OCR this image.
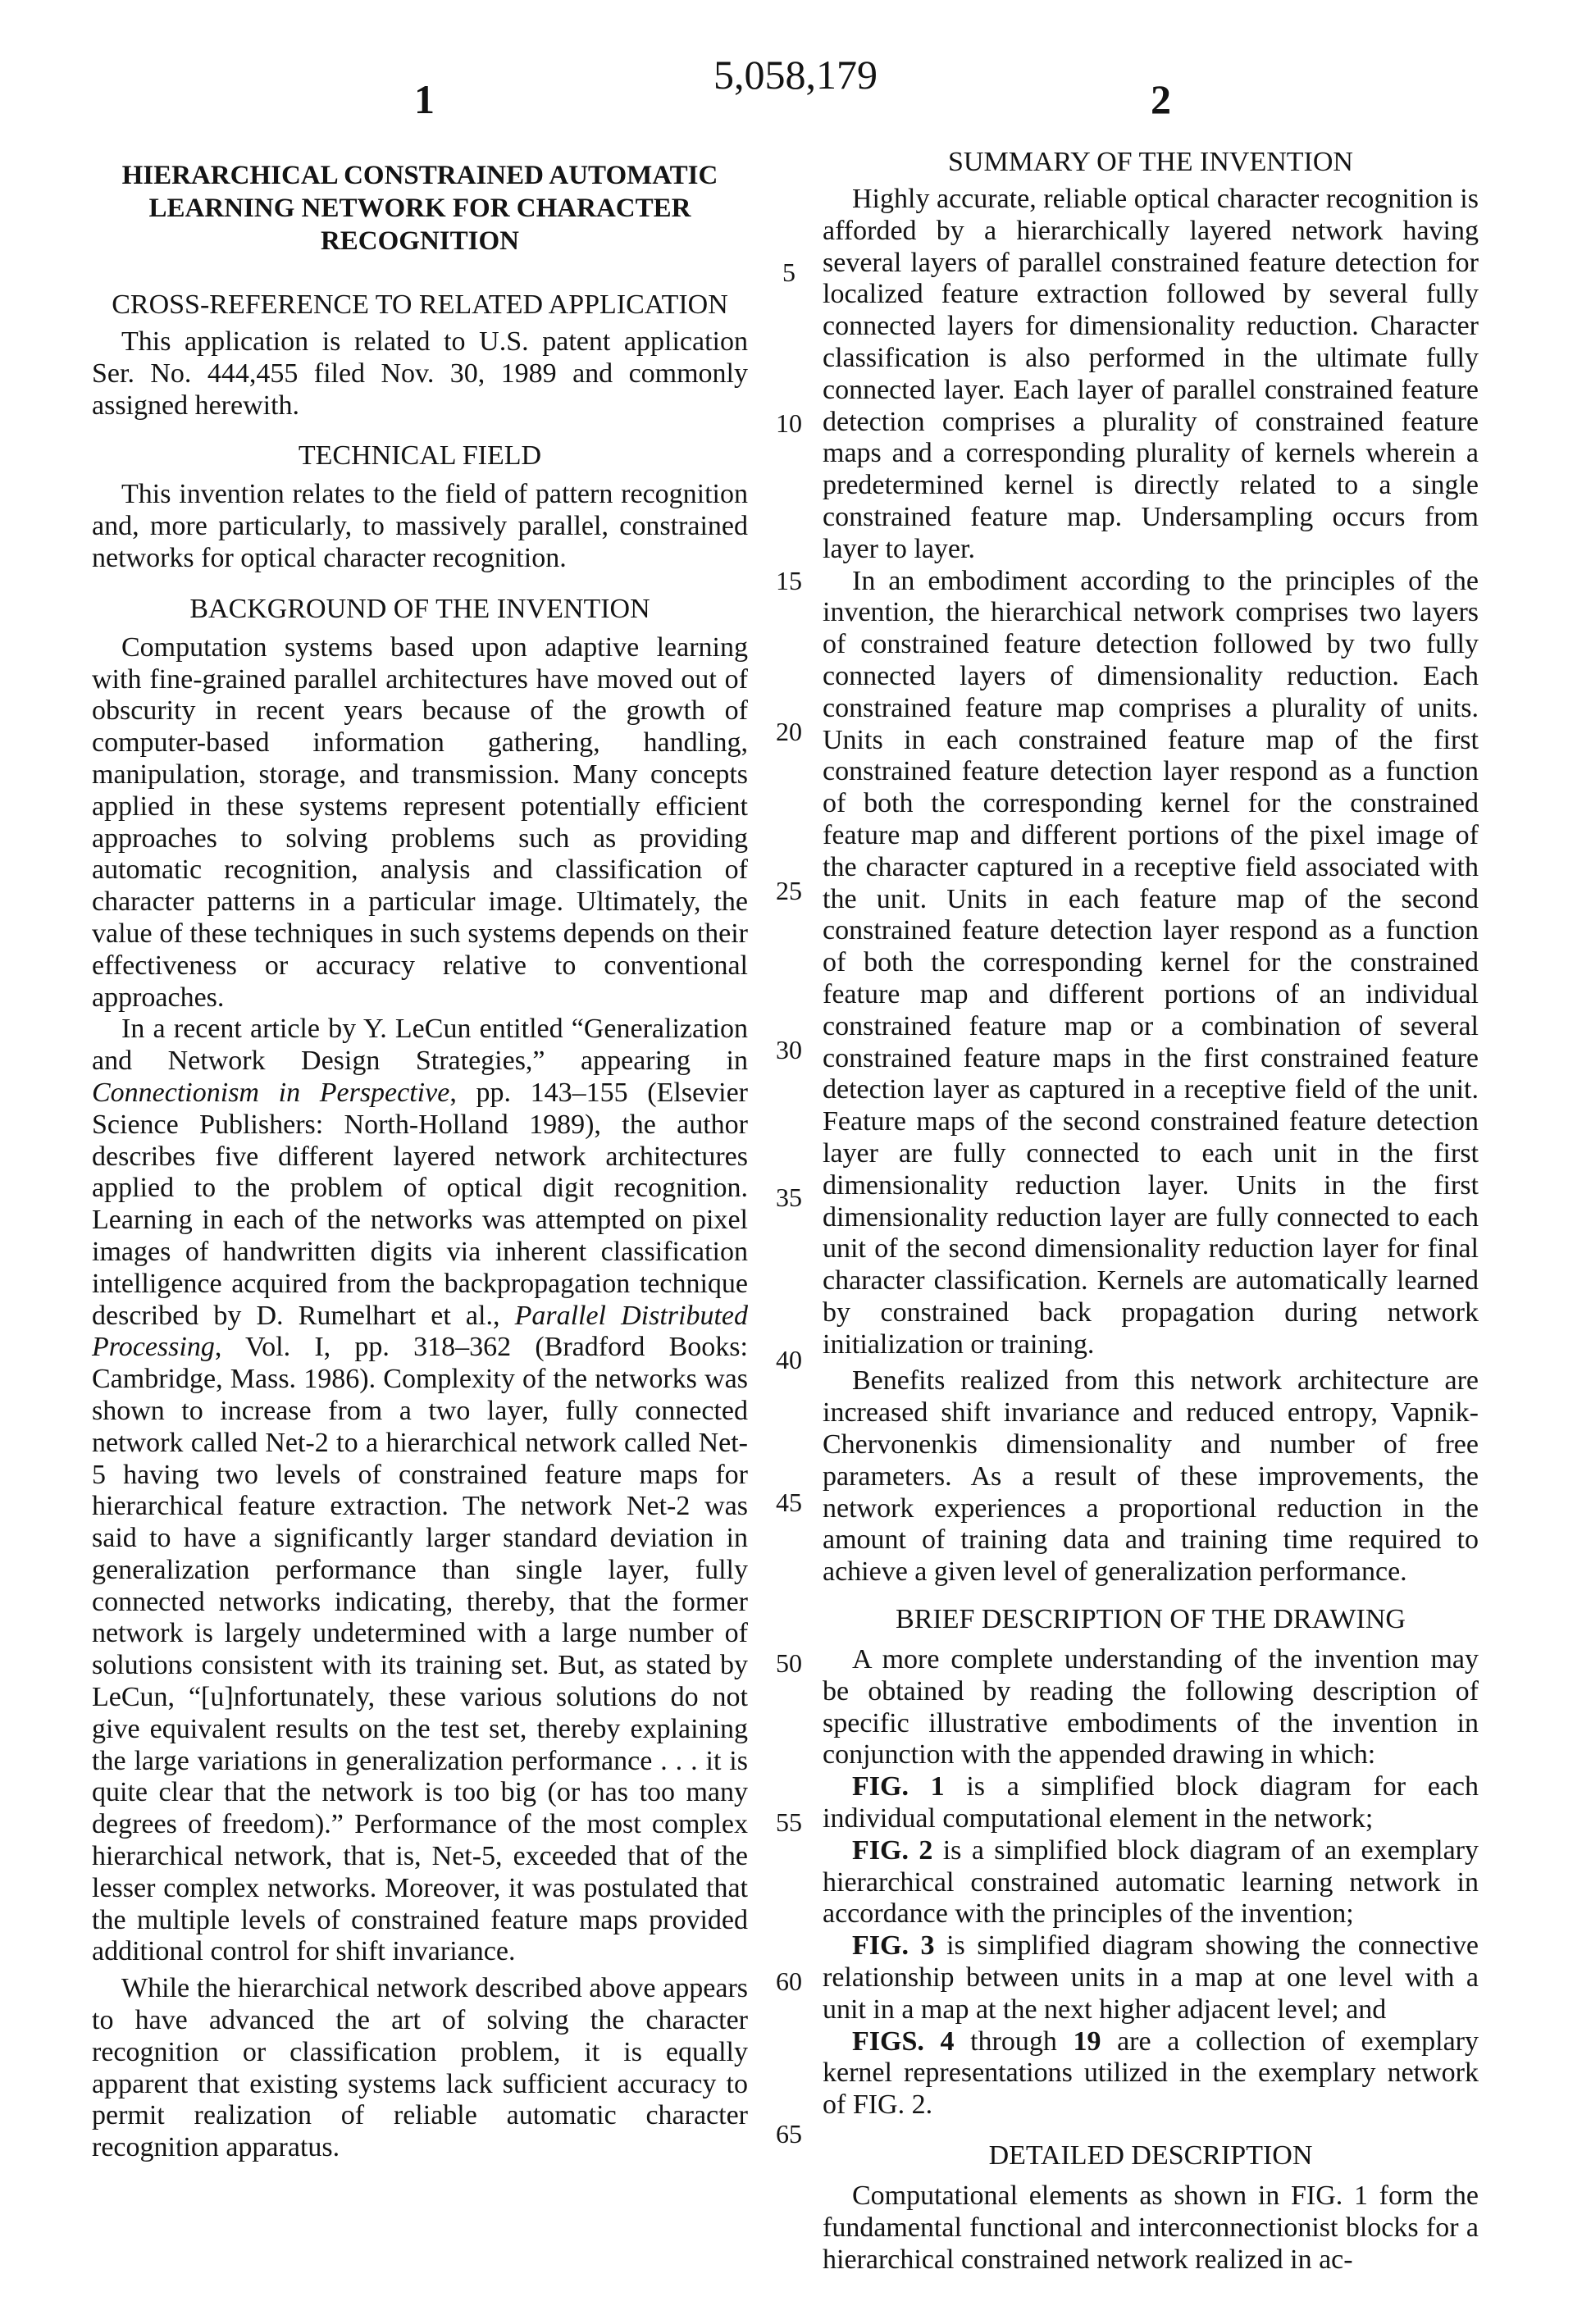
1
5,058,179
2
HIERARCHICAL CONSTRAINED AUTOMATIC LEARNING NETWORK FOR CHARACTER RECOGNITION
CROSS-REFERENCE TO RELATED APPLICATION

This application is related to U.S. patent application Ser. No. 444,455 filed Nov. 30, 1989 and commonly assigned herewith.

TECHNICAL FIELD

This invention relates to the field of pattern recognition and, more particularly, to massively parallel, constrained networks for optical character recognition.

BACKGROUND OF THE INVENTION

Computation systems based upon adaptive learning with fine-grained parallel architectures have moved out of obscurity in recent years because of the growth of computer-based information gathering, handling, manipulation, storage, and transmission. Many concepts applied in these systems represent potentially efficient approaches to solving problems such as providing automatic recognition, analysis and classification of character patterns in a particular image. Ultimately, the value of these techniques in such systems depends on their effectiveness or accuracy relative to conventional approaches.

In a recent article by Y. LeCun entitled “Generalization and Network Design Strategies,” appearing in Connectionism in Perspective, pp. 143–155 (Elsevier Science Publishers: North-Holland 1989), the author describes five different layered network architectures applied to the problem of optical digit recognition. Learning in each of the networks was attempted on pixel images of handwritten digits via inherent classification intelligence acquired from the backpropagation technique described by D. Rumelhart et al., Parallel Distributed Processing, Vol. I, pp. 318–362 (Bradford Books: Cambridge, Mass. 1986). Complexity of the networks was shown to increase from a two layer, fully connected network called Net-2 to a hierarchical network called Net-5 having two levels of constrained feature maps for hierarchical feature extraction. The network Net-2 was said to have a significantly larger standard deviation in generalization performance than single layer, fully connected networks indicating, thereby, that the former network is largely undetermined with a large number of solutions consistent with its training set. But, as stated by LeCun, “[u]nfortunately, these various solutions do not give equivalent results on the test set, thereby explaining the large variations in generalization performance . . . it is quite clear that the network is too big (or has too many degrees of freedom).” Performance of the most complex hierarchical network, that is, Net-5, exceeded that of the lesser complex networks. Moreover, it was postulated that the multiple levels of constrained feature maps provided additional control for shift invariance.

While the hierarchical network described above appears to have advanced the art of solving the character recognition or classification problem, it is equally apparent that existing systems lack sufficient accuracy to permit realization of reliable automatic character recognition apparatus.

5
10
15
20
25
30
35
40
45
50
55
60
65
SUMMARY OF THE INVENTION

Highly accurate, reliable optical character recognition is afforded by a hierarchically layered network having several layers of parallel constrained feature detection for localized feature extraction followed by several fully connected layers for dimensionality reduction. Character classification is also performed in the ultimate fully connected layer. Each layer of parallel constrained feature detection comprises a plurality of constrained feature maps and a corresponding plurality of kernels wherein a predetermined kernel is directly related to a single constrained feature map. Undersampling occurs from layer to layer.

In an embodiment according to the principles of the invention, the hierarchical network comprises two layers of constrained feature detection followed by two fully connected layers of dimensionality reduction. Each constrained feature map comprises a plurality of units. Units in each constrained feature map of the first constrained feature detection layer respond as a function of both the corresponding kernel for the constrained feature map and different portions of the pixel image of the character captured in a receptive field associated with the unit. Units in each feature map of the second constrained feature detection layer respond as a function of both the corresponding kernel for the constrained feature map and different portions of an individual constrained feature map or a combination of several constrained feature maps in the first constrained feature detection layer as captured in a receptive field of the unit. Feature maps of the second constrained feature detection layer are fully connected to each unit in the first dimensionality reduction layer. Units in the first dimensionality reduction layer are fully connected to each unit of the second dimensionality reduction layer for final character classification. Kernels are automatically learned by constrained back propagation during network initialization or training.

Benefits realized from this network architecture are increased shift invariance and reduced entropy, Vapnik-Chervonenkis dimensionality and number of free parameters. As a result of these improvements, the network experiences a proportional reduction in the amount of training data and training time required to achieve a given level of generalization performance.

BRIEF DESCRIPTION OF THE DRAWING

A more complete understanding of the invention may be obtained by reading the following description of specific illustrative embodiments of the invention in conjunction with the appended drawing in which:

FIG. 1 is a simplified block diagram for each individual computational element in the network;

FIG. 2 is a simplified block diagram of an exemplary hierarchical constrained automatic learning network in accordance with the principles of the invention;

FIG. 3 is simplified diagram showing the connective relationship between units in a map at one level with a unit in a map at the next higher adjacent level; and

FIGS. 4 through 19 are a collection of exemplary kernel representations utilized in the exemplary network of FIG. 2.

DETAILED DESCRIPTION

Computational elements as shown in FIG. 1 form the fundamental functional and interconnectionist blocks for a hierarchical constrained network realized in ac-
